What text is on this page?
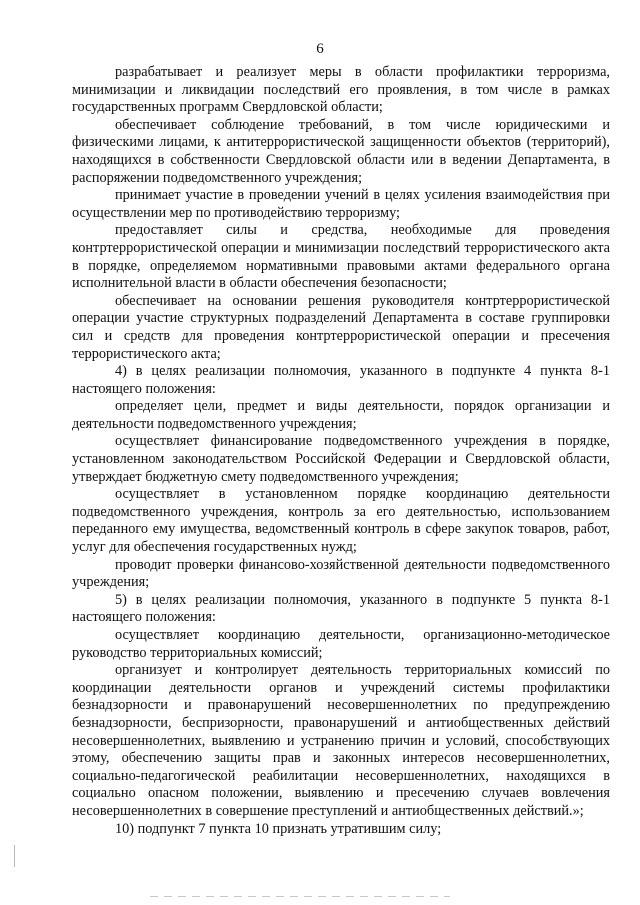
6

разрабатывает и реализует меры в области профилактики терроризма, минимизации и ликвидации последствий его проявления, в том числе в рамках государственных программ Свердловской области;

обеспечивает соблюдение требований, в том числе юридическими и физическими лицами, к антитеррористической защищенности объектов (территорий), находящихся в собственности Свердловской области или в ведении Департамента, в распоряжении подведомственного учреждения;

принимает участие в проведении учений в целях усиления взаимодействия при осуществлении мер по противодействию терроризму;

предоставляет силы и средства, необходимые для проведения контртеррористической операции и минимизации последствий террористического акта в порядке, определяемом нормативными правовыми актами федерального органа исполнительной власти в области обеспечения безопасности;

обеспечивает на основании решения руководителя контртеррористической операции участие структурных подразделений Департамента в составе группировки сил и средств для проведения контртеррористической операции и пресечения террористического акта;

4) в целях реализации полномочия, указанного в подпункте 4 пункта 8-1 настоящего положения:

определяет цели, предмет и виды деятельности, порядок организации и деятельности подведомственного учреждения;

осуществляет финансирование подведомственного учреждения в порядке, установленном законодательством Российской Федерации и Свердловской области, утверждает бюджетную смету подведомственного учреждения;

осуществляет в установленном порядке координацию деятельности подведомственного учреждения, контроль за его деятельностью, использованием переданного ему имущества, ведомственный контроль в сфере закупок товаров, работ, услуг для обеспечения государственных нужд;

проводит проверки финансово-хозяйственной деятельности подведомственного учреждения;

5) в целях реализации полномочия, указанного в подпункте 5 пункта 8-1 настоящего положения:

осуществляет координацию деятельности, организационно-методическое руководство территориальных комиссий;

организует и контролирует деятельность территориальных комиссий по координации деятельности органов и учреждений системы профилактики безнадзорности и правонарушений несовершеннолетних по предупреждению безнадзорности, беспризорности, правонарушений и антиобщественных действий несовершеннолетних, выявлению и устранению причин и условий, способствующих этому, обеспечению защиты прав и законных интересов несовершеннолетних, социально-педагогической реабилитации несовершеннолетних, находящихся в социально опасном положении, выявлению и пресечению случаев вовлечения несовершеннолетних в совершение преступлений и антиобщественных действий.»;

10) подпункт 7 пункта 10 признать утратившим силу;
